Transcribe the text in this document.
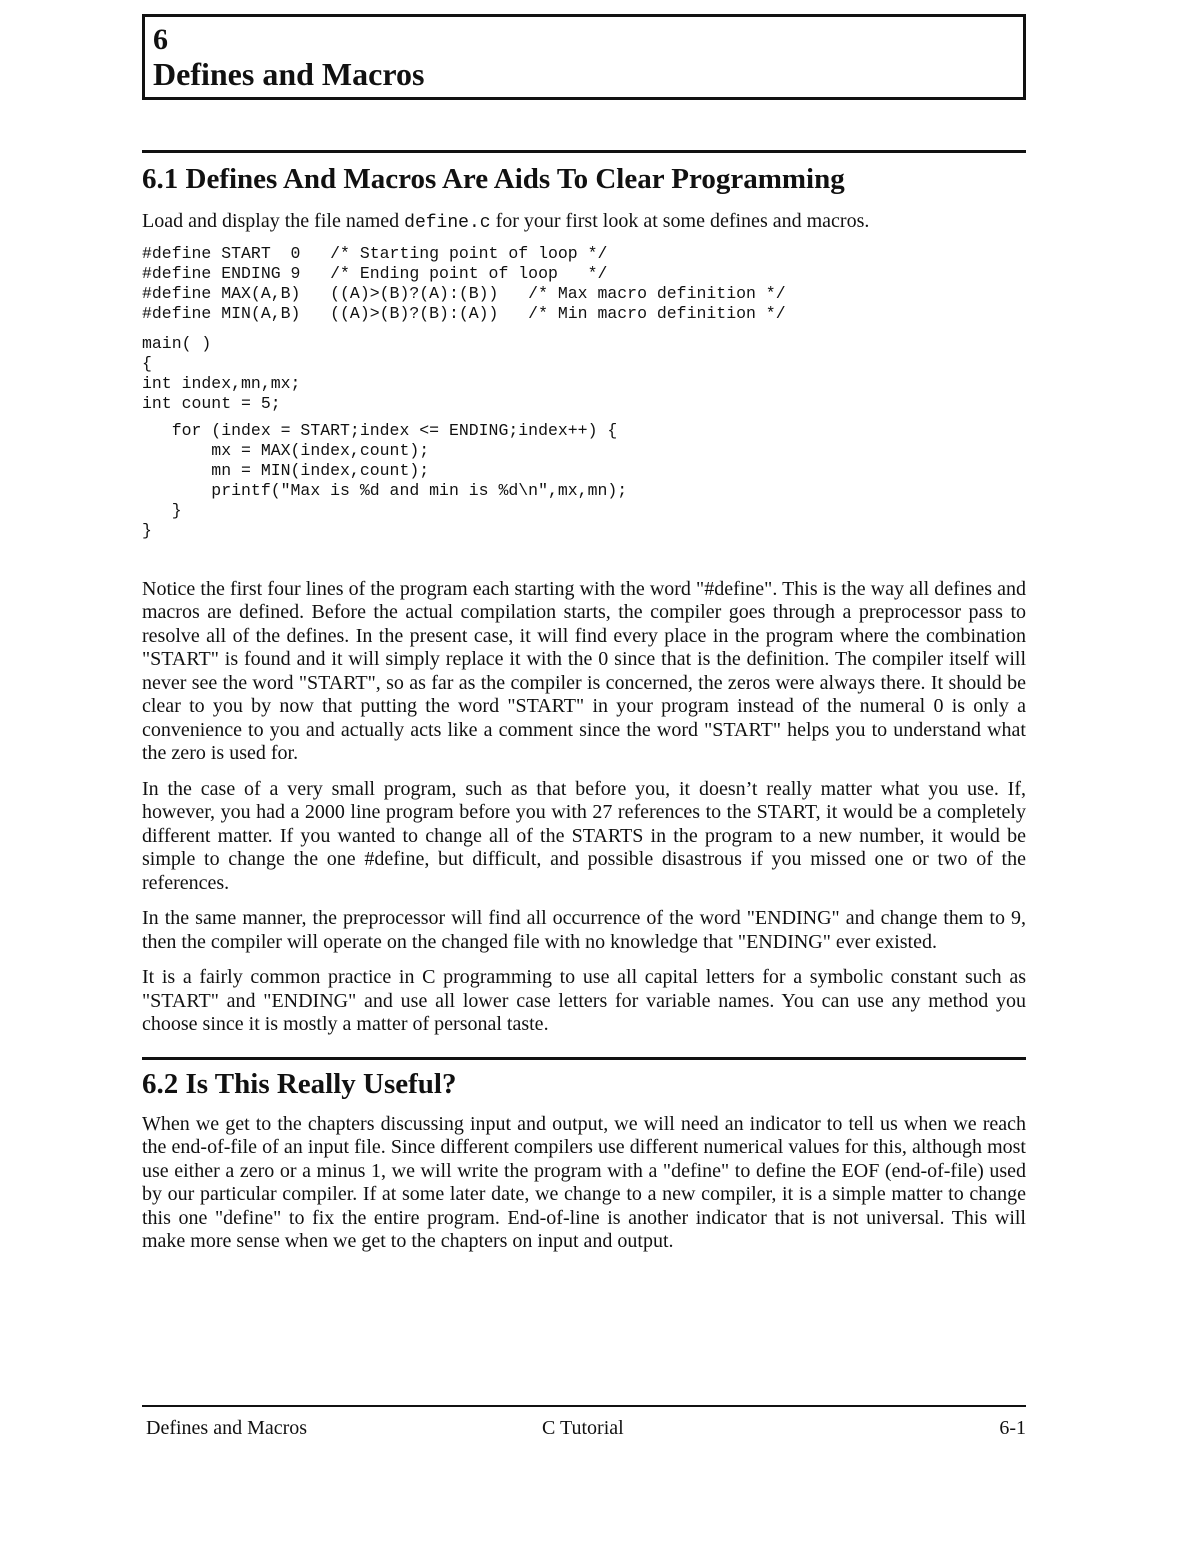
6
Defines and Macros
6.1 Defines And Macros Are Aids To Clear Programming

Load and display the file named define.c for your first look at some defines and macros.

#define START  0   /* Starting point of loop */
#define ENDING 9   /* Ending point of loop   */
#define MAX(A,B)   ((A)>(B)?(A):(B))   /* Max macro definition */
#define MIN(A,B)   ((A)>(B)?(B):(A))   /* Min macro definition */
main( )
{
int index,mn,mx;
int count = 5;
for (index = START;index <= ENDING;index++) {
mx = MAX(index,count);
mn = MIN(index,count);
printf("Max is %d and min is %d\n",mx,mn);
}
}

Notice the first four lines of the program each starting with the word "#define". This is the way all defines and macros are defined. Before the actual compilation starts, the compiler goes through a preprocessor pass to resolve all of the defines. In the present case, it will find every place in the program where the combination "START" is found and it will simply replace it with the 0 since that is the definition. The compiler itself will never see the word "START", so as far as the compiler is concerned, the zeros were always there. It should be clear to you by now that putting the word "START" in your program instead of the numeral 0 is only a convenience to you and actually acts like a comment since the word "START" helps you to understand what the zero is used for.

In the case of a very small program, such as that before you, it doesn’t really matter what you use. If, however, you had a 2000 line program before you with 27 references to the START, it would be a completely different matter. If you wanted to change all of the STARTS in the program to a new number, it would be simple to change the one #define, but difficult, and possible disastrous if you missed one or two of the references.

In the same manner, the preprocessor will find all occurrence of the word "ENDING" and change them to 9, then the compiler will operate on the changed file with no knowledge that "ENDING" ever existed.

It is a fairly common practice in C programming to use all capital letters for a symbolic constant such as "START" and "ENDING" and use all lower case letters for variable names. You can use any method you choose since it is mostly a matter of personal taste.

6.2 Is This Really Useful?

When we get to the chapters discussing input and output, we will need an indicator to tell us when we reach the end-of-file of an input file. Since different compilers use different numerical values for this, although most use either a zero or a minus 1, we will write the program with a "define" to define the EOF (end-of-file) used by our particular compiler. If at some later date, we change to a new compiler, it is a simple matter to change this one "define" to fix the entire program. End-of-line is another indicator that is not universal. This will make more sense when we get to the chapters on input and output.

Defines and Macros	C Tutorial	6-1
